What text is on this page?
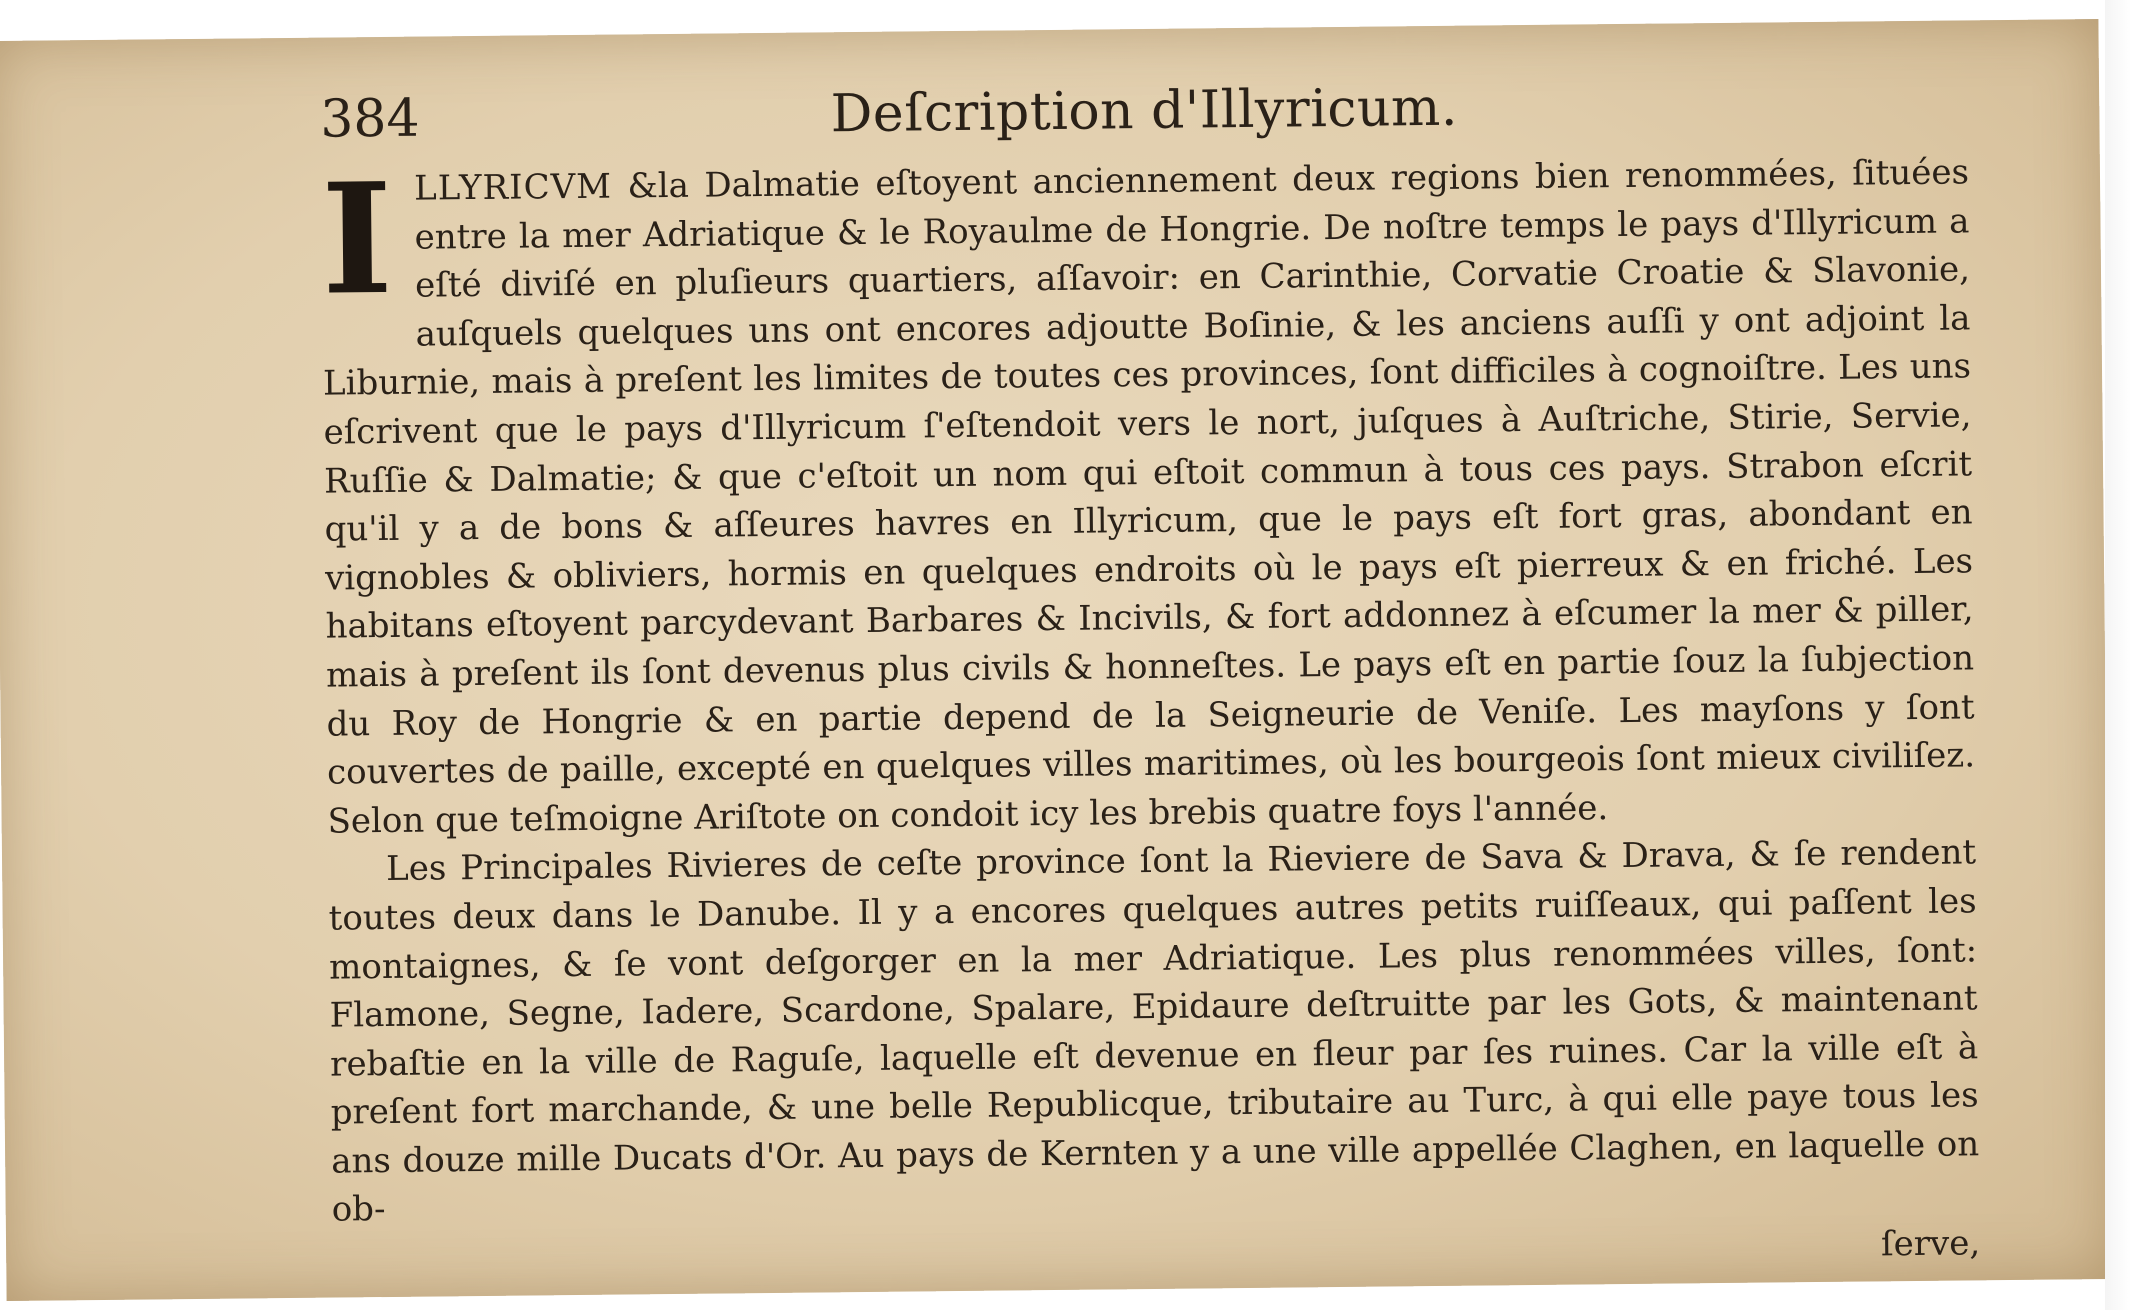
384	Deſcription d'Illyricum.

ILLYRICVM &la Dalmatie eſtoyent anciennement deux regions bien renommées, ſituées entre la mer Adriatique & le Royaulme de Hongrie. De noſtre temps le pays d'Illyricum a eſté diviſé en pluſieurs quartiers, aſſavoir: en Carinthie, Corvatie Croatie & Slavonie, auſquels quelques uns ont encores adjoutte Boſinie, & les anciens auſſi y ont adjoint la Liburnie, mais à preſent les limites de toutes ces provinces, ſont difficiles à cognoiſtre. Les uns eſcrivent que le pays d'Illyricum ſ'eſtendoit vers le nort, juſques à Auſtriche, Stirie, Servie, Ruſſie & Dalmatie; & que c'eſtoit un nom qui eſtoit commun à tous ces pays. Strabon eſcrit qu'il y a de bons & aſſeures havres en Illyricum, que le pays eſt fort gras, abondant en vignobles & obliviers, hormis en quelques endroits où le pays eſt pierreux & en friché. Les habitans eſtoyent parcydevant Barbares & Incivils, & fort addonnez à eſcumer la mer & piller, mais à preſent ils ſont devenus plus civils & honneſtes. Le pays eſt en partie ſouz la ſubjection du Roy de Hongrie & en partie depend de la Seigneurie de Veniſe. Les mayſons y ſont couvertes de paille, excepté en quelques villes maritimes, où les bourgeois ſont mieux civiliſez. Selon que teſmoigne Ariſtote on condoit icy les brebis quatre foys l'année.

Les Principales Rivieres de ceſte province ſont la Rieviere de Sava & Drava, & ſe rendent toutes deux dans le Danube. Il y a encores quelques autres petits ruiſſeaux, qui paſſent les montaignes, & ſe vont deſgorger en la mer Adriatique. Les plus renommées villes, ſont: Flamone, Segne, Iadere, Scardone, Spalare, Epidaure deſtruitte par les Gots, & maintenant rebaſtie en la ville de Raguſe, laquelle eſt devenue en fleur par ſes ruines. Car la ville eſt à preſent fort marchande, & une belle Republicque, tributaire au Turc, à qui elle paye tous les ans douze mille Ducats d'Or. Au pays de Kernten y a une ville appellée Claghen, en laquelle on ob-

ſerve,
